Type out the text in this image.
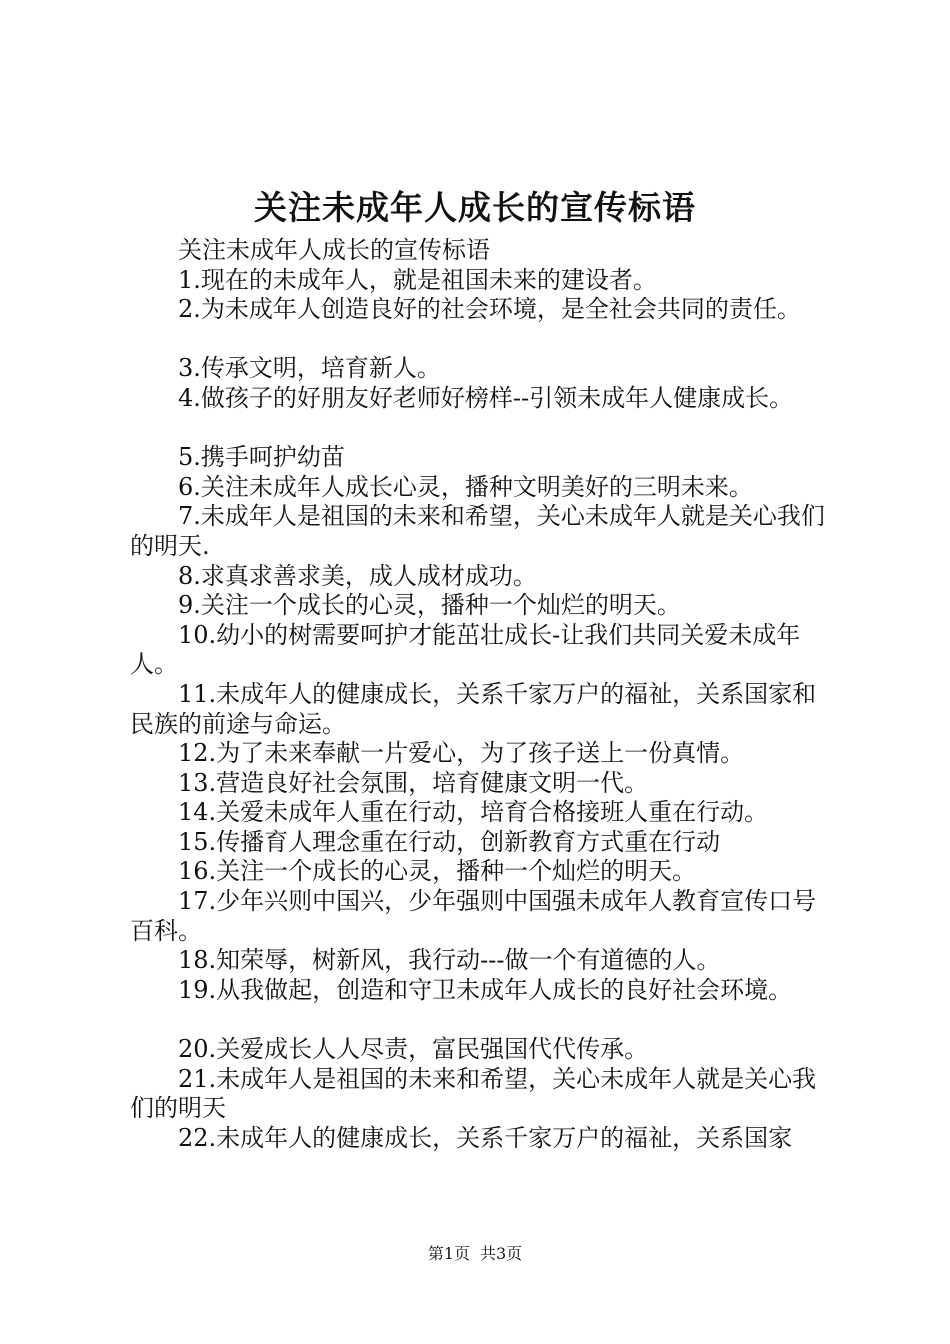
关注未成年人成长的宣传标语

关注未成年人成长的宣传标语

1.现在的未成年人，就是祖国未来的建设者。

2.为未成年人创造良好的社会环境，是全社会共同的责任。

3.传承文明，培育新人。

4.做孩子的好朋友好老师好榜样--引领未成年人健康成长。

5.携手呵护幼苗

6.关注未成年人成长心灵，播种文明美好的三明未来。

7.未成年人是祖国的未来和希望，关心未成年人就是关心我们的明天.

8.求真求善求美，成人成材成功。

9.关注一个成长的心灵，播种一个灿烂的明天。

10.幼小的树需要呵护才能茁壮成长-让我们共同关爱未成年人。

11.未成年人的健康成长，关系千家万户的福祉，关系国家和民族的前途与命运。

12.为了未来奉献一片爱心，为了孩子送上一份真情。

13.营造良好社会氛围，培育健康文明一代。

14.关爱未成年人重在行动，培育合格接班人重在行动。

15.传播育人理念重在行动，创新教育方式重在行动

16.关注一个成长的心灵，播种一个灿烂的明天。

17.少年兴则中国兴，少年强则中国强未成年人教育宣传口号百科。

18.知荣辱，树新风，我行动---做一个有道德的人。

19.从我做起，创造和守卫未成年人成长的良好社会环境。

20.关爱成长人人尽责，富民强国代代传承。

21.未成年人是祖国的未来和希望，关心未成年人就是关心我们的明天

22.未成年人的健康成长，关系千家万户的福祉，关系国家

第1页 共3页
